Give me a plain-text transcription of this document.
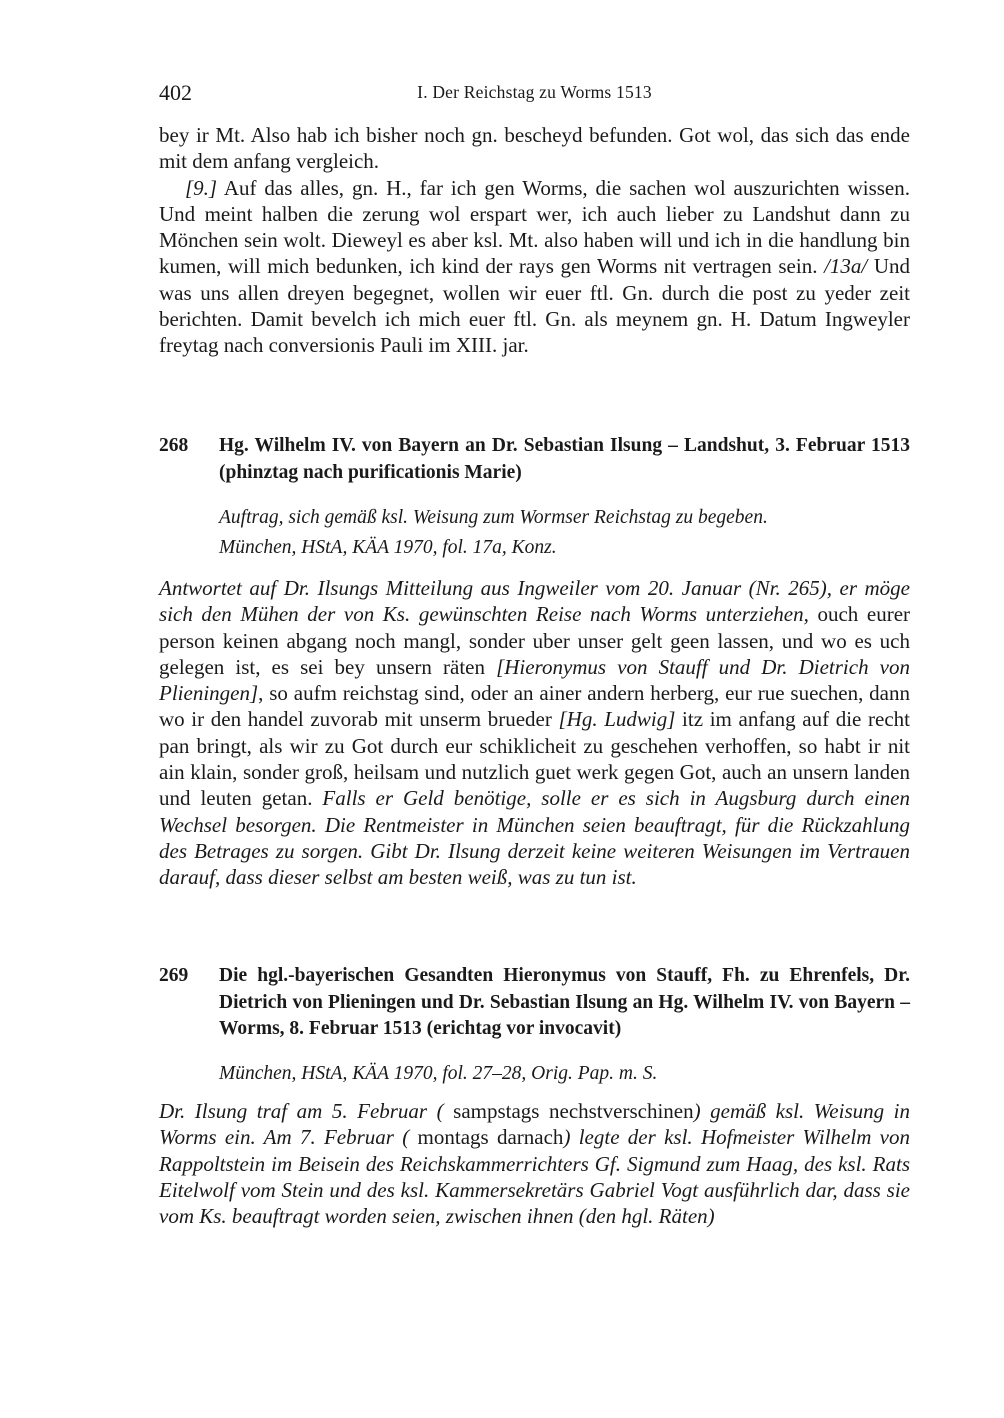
402	I. Der Reichstag zu Worms 1513

bey ir Mt. Also hab ich bisher noch gn. bescheyd befunden. Got wol, das sich das ende mit dem anfang vergleich.

[9.] Auf das alles, gn. H., far ich gen Worms, die sachen wol auszurichten wissen. Und meint halben die zerung wol erspart wer, ich auch lieber zu Landshut dann zu Mönchen sein wolt. Dieweyl es aber ksl. Mt. also haben will und ich in die handlung bin kumen, will mich bedunken, ich kind der rays gen Worms nit vertragen sein. /13a/ Und was uns allen dreyen begegnet, wollen wir euer ftl. Gn. durch die post zu yeder zeit berichten. Damit bevelch ich mich euer ftl. Gn. als meynem gn. H. Datum Ingweyler freytag nach conversionis Pauli im XIII. jar.

268 Hg. Wilhelm IV. von Bayern an Dr. Sebastian Ilsung – Landshut, 3. Februar 1513 (phinztag nach purificationis Marie)
Auftrag, sich gemäß ksl. Weisung zum Wormser Reichstag zu begeben.
München, HStA, KÄA 1970, fol. 17a, Konz.
Antwortet auf Dr. Ilsungs Mitteilung aus Ingweiler vom 20. Januar (Nr. 265), er möge sich den Mühen der von Ks. gewünschten Reise nach Worms unterziehen, ouch eurer person keinen abgang noch mangl, sonder uber unser gelt geen lassen, und wo es uch gelegen ist, es sei bey unsern räten [Hieronymus von Stauff und Dr. Dietrich von Plieningen], so aufm reichstag sind, oder an ainer andern herberg, eur rue suechen, dann wo ir den handel zuvorab mit unserm brueder [Hg. Ludwig] itz im anfang auf die recht pan bringt, als wir zu Got durch eur schiklicheit zu geschehen verhoffen, so habt ir nit ain klain, sonder groß, heilsam und nutzlich guet werk gegen Got, auch an unsern landen und leuten getan. Falls er Geld benötige, solle er es sich in Augsburg durch einen Wechsel besorgen. Die Rentmeister in München seien beauftragt, für die Rückzahlung des Betrages zu sorgen. Gibt Dr. Ilsung derzeit keine weiteren Weisungen im Vertrauen darauf, dass dieser selbst am besten weiß, was zu tun ist.
269 Die hgl.-bayerischen Gesandten Hieronymus von Stauff, Fh. zu Ehrenfels, Dr. Dietrich von Plieningen und Dr. Sebastian Ilsung an Hg. Wilhelm IV. von Bayern – Worms, 8. Februar 1513 (erichtag vor invocavit)
München, HStA, KÄA 1970, fol. 27–28, Orig. Pap. m. S.
Dr. Ilsung traf am 5. Februar ( sampstags nechstverschinen) gemäß ksl. Weisung in Worms ein. Am 7. Februar ( montags darnach) legte der ksl. Hofmeister Wilhelm von Rappoltstein im Beisein des Reichskammerrichters Gf. Sigmund zum Haag, des ksl. Rats Eitelwolf vom Stein und des ksl. Kammersekretärs Gabriel Vogt ausführlich dar, dass sie vom Ks. beauftragt worden seien, zwischen ihnen (den hgl. Räten)
